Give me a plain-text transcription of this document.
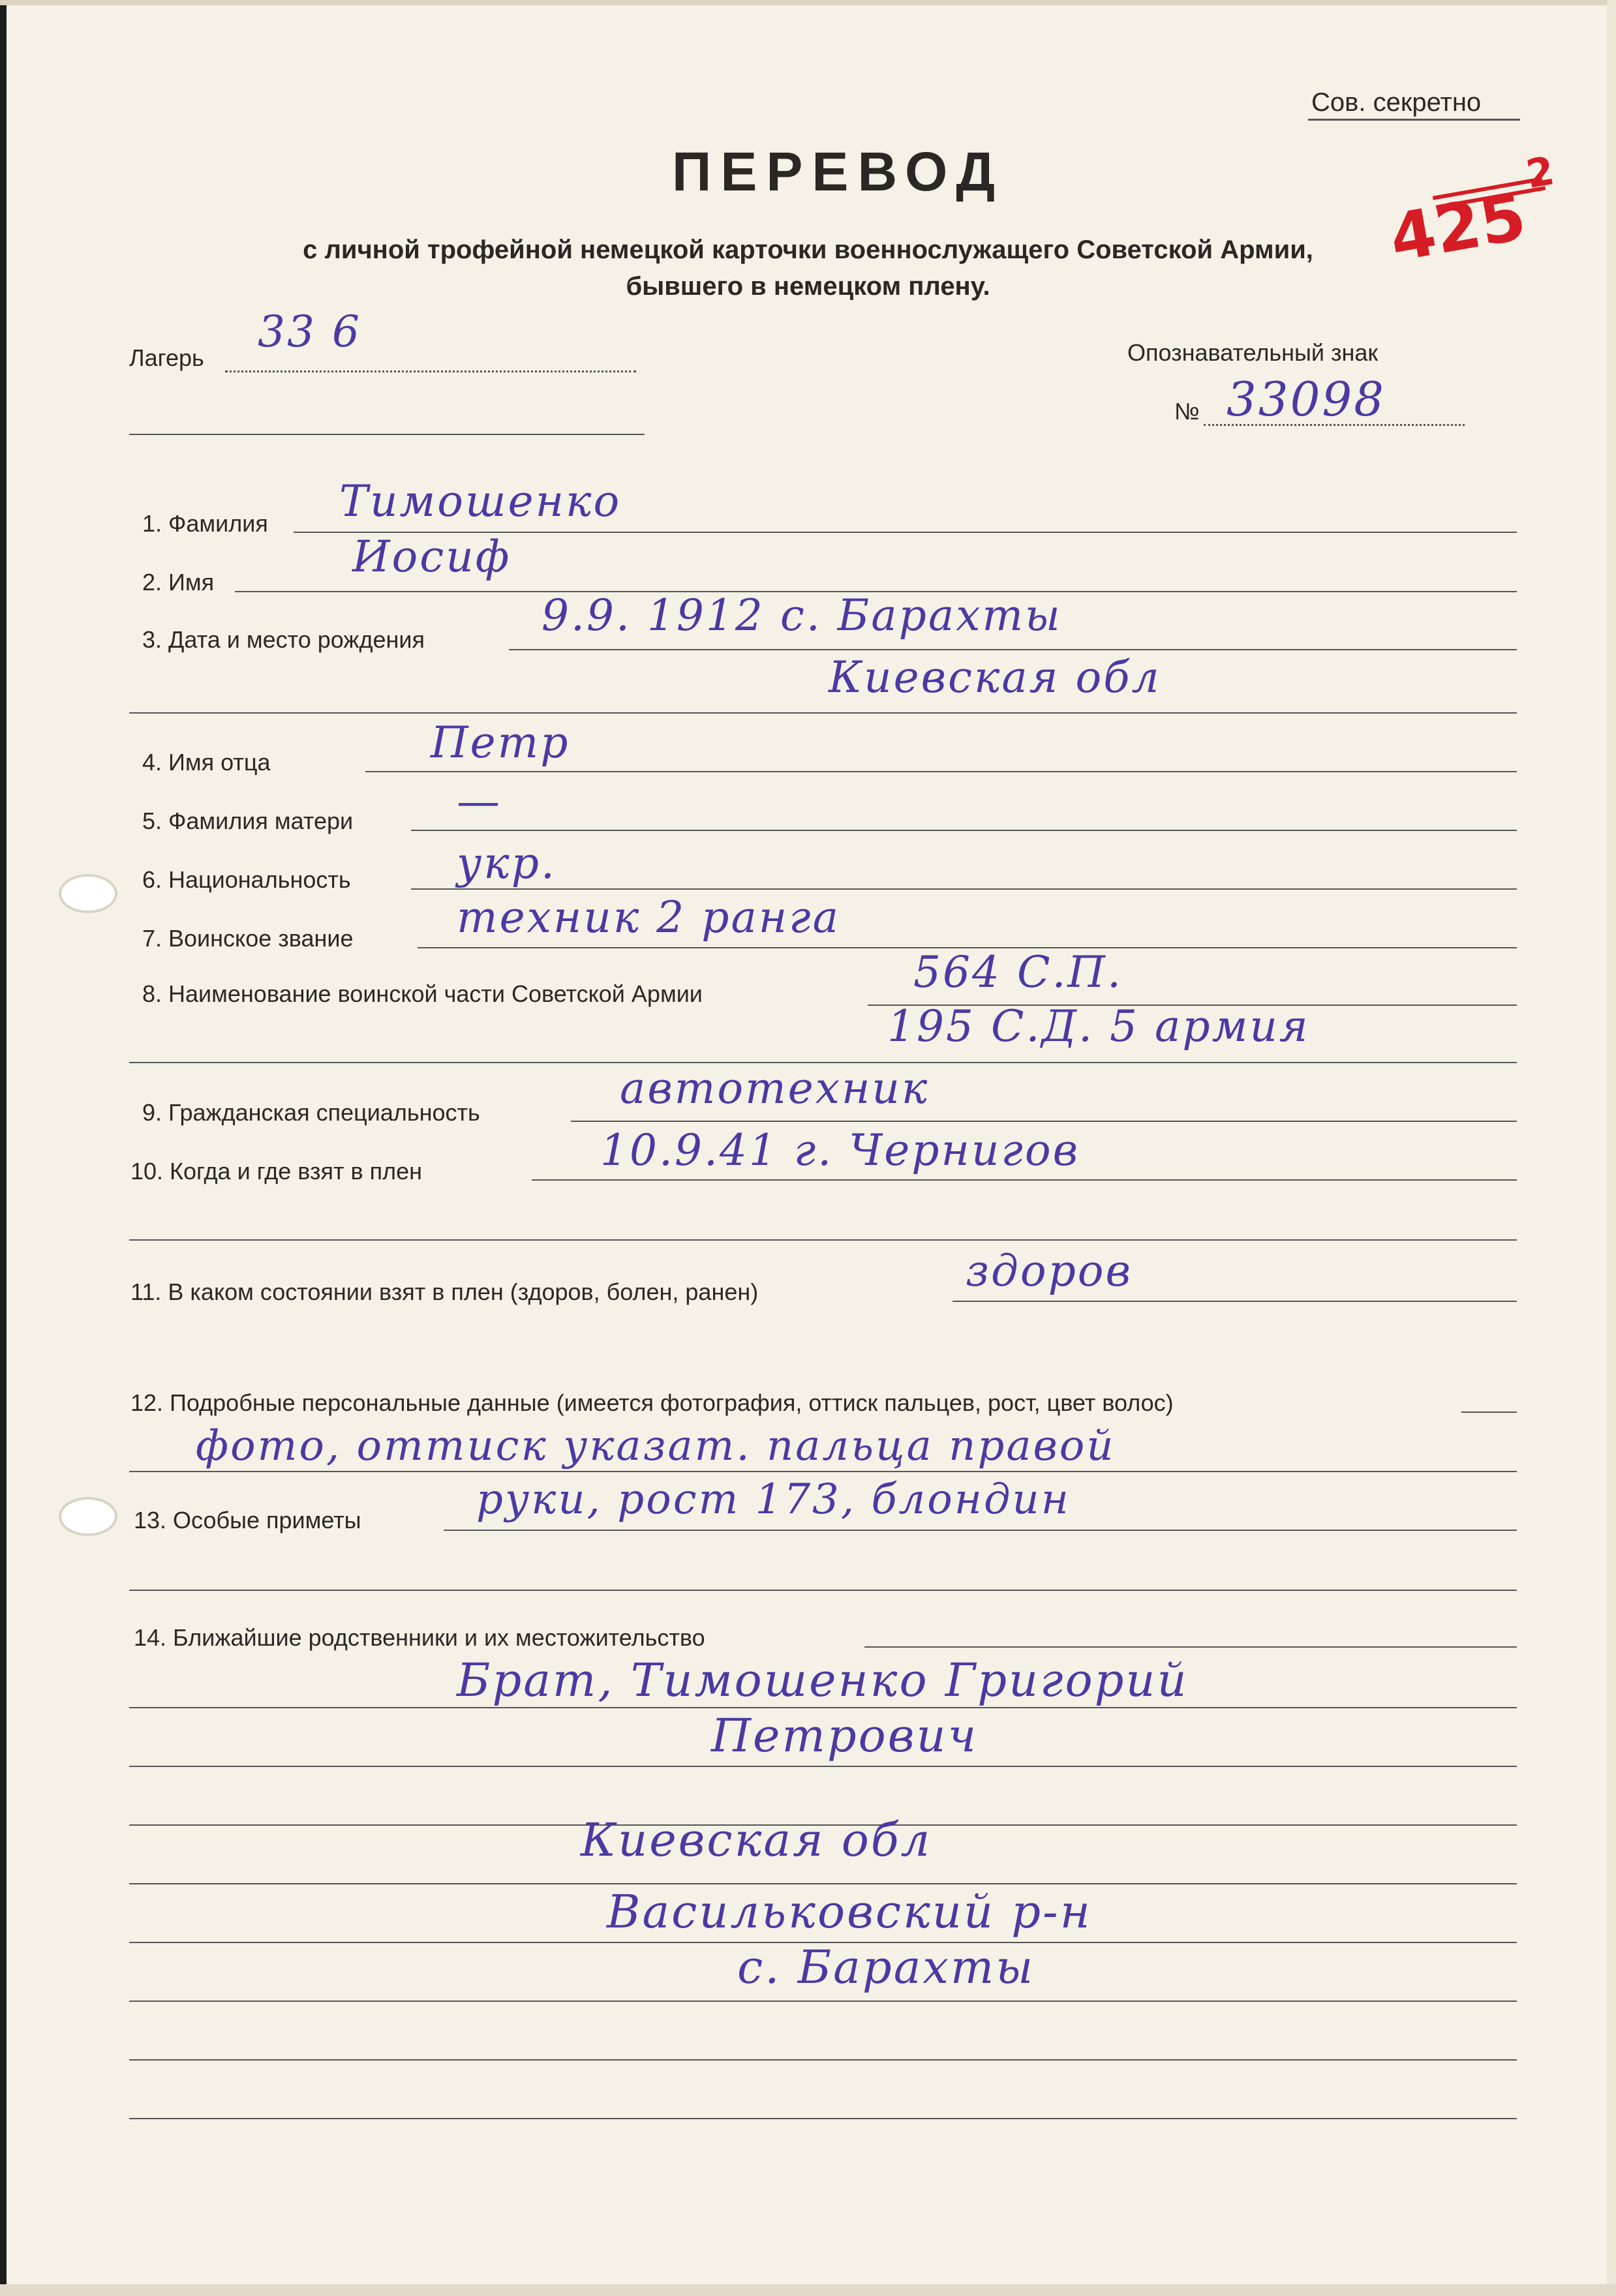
Сов. секретно
ПЕРЕВОД
с личной трофейной немецкой карточки военнослужащего Советской Армии,
бывшего в немецком плену.
425
2
Лагерь
33 6	Опознавательный знак
№ 33098
1. Фамилия Тимошенко
2. Имя
Иосиф
3. Дата и место рождения	9.9. 1912 с. Барахты
Киевская обл
4. Имя отца	Петр
5. Фамилия матери —
6. Национальность укр.
7. Воинское звание техник 2 ранга
8. Наименование воинской части Советской Армии	564 С.П.
195 С.Д. 5 армия
9. Гражданская специальность	автотехник
10. Когда и где взят в плен	10.9.41 г. Чернигов
11. В каком состоянии взят в плен (здоров, болен, ранен)	здоров
12. Подробные персональные данные (имеется фотография, оттиск пальцев, рост, цвет волос)
фото, оттиск указат. пальца правой
13. Особые приметы	руки, рост 173, блондин
14. Ближайшие родственники и их местожительство
Брат, Тимошенко Григорий
Петрович
Киевская обл
Васильковский р-н
с. Барахты
